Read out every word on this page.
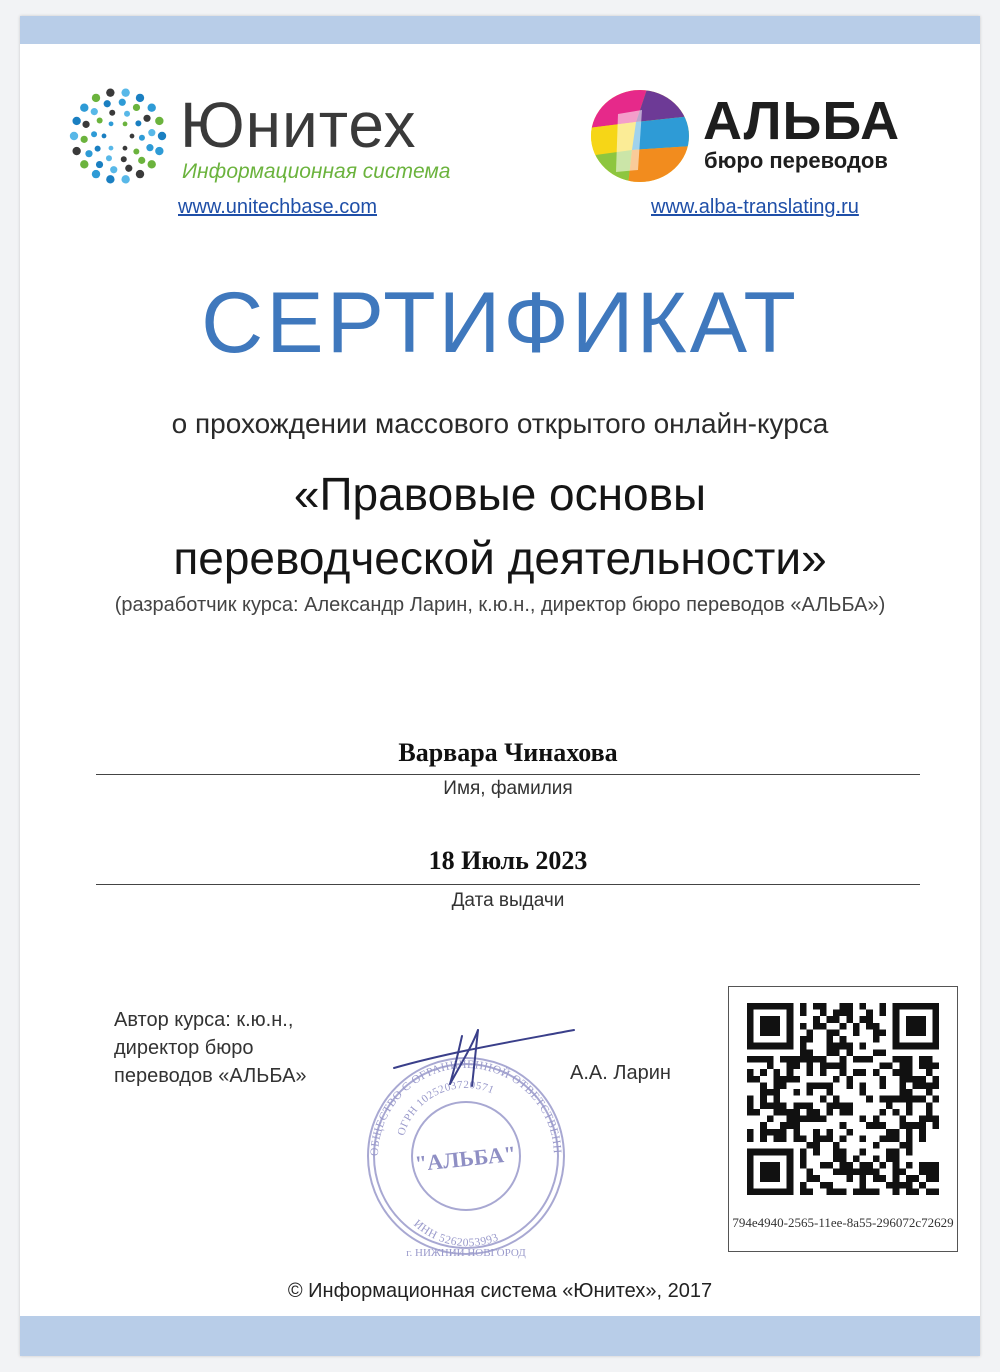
Юнитех
Информационная система
www.unitechbase.com
АЛЬБА
бюро переводов
www.alba-translating.ru
СЕРТИФИКАТ
о прохождении массового открытого онлайн-курса
«Правовые основы
переводческой деятельности»
(разработчик курса: Александр Ларин, к.ю.н., директор бюро переводов «АЛЬБА»)
Варвара Чинахова
Имя, фамилия
18 Июль 2023
Дата выдачи
Автор курса: к.ю.н.,
директор бюро
переводов «АЛЬБА»
ОБЩЕСТВО С ОГРАНИЧЕННОЙ ОТВЕТСТВЕНН
ОГРН 1025203720571
ИНН 5262053993
г. НИЖНИЙ НОВГОРОД
"АЛЬБА"
А.А. Ларин
794e4940-2565-11ee-8a55-296072c72629
© Информационная система «Юнитех», 2017
